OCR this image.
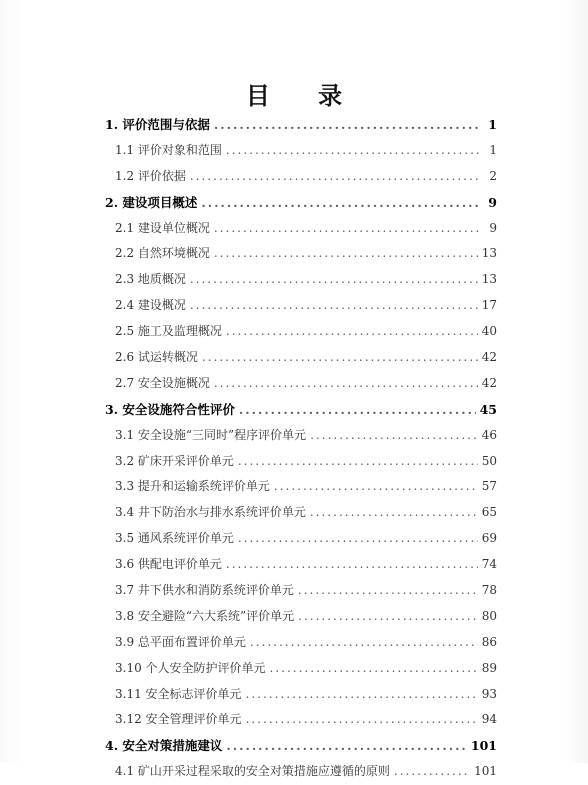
目 录
1. 评价范围与依据 .....	1
1.1 评价对象和范围 .....	1
1.2 评价依据 .....	2
2. 建设项目概述 .....	9
2.1 建设单位概况 .....	9
2.2 自然环境概况 .....	13
2.3 地质概况 .....	13
2.4 建设概况 .....	17
2.5 施工及监理概况 .....	40
2.6 试运转概况 .....	42
2.7 安全设施概况 .....	42
3. 安全设施符合性评价 .....	45
3.1 安全设施“三同时”程序评价单元 .....	46
3.2 矿床开采评价单元 .....	50
3.3 提升和运输系统评价单元 .....	57
3.4 井下防治水与排水系统评价单元 .....	65
3.5 通风系统评价单元 .....	69
3.6 供配电评价单元 .....	74
3.7 井下供水和消防系统评价单元 .....	78
3.8 安全避险“六大系统”评价单元 .....	80
3.9 总平面布置评价单元 .....	86
3.10 个人安全防护评价单元 .....	89
3.11 安全标志评价单元 .....	93
3.12 安全管理评价单元 .....	94
4. 安全对策措施建议 .....	101
4.1 矿山开采过程采取的安全对策措施应遵循的原则 .....	101
